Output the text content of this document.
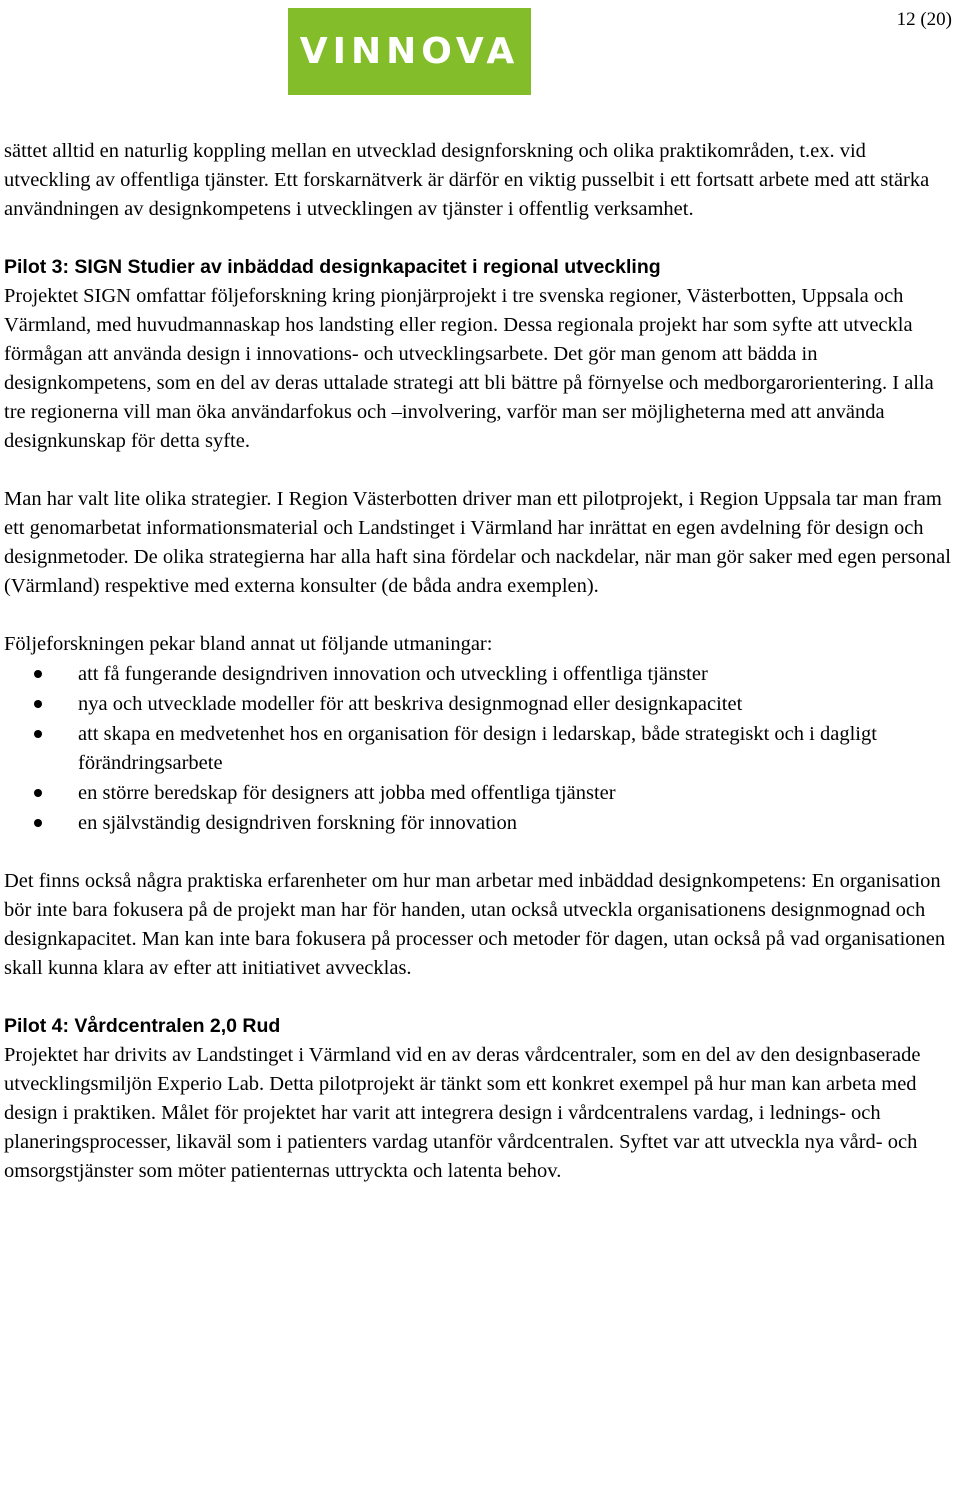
12 (20)
VINNOVA

sättet alltid en naturlig koppling mellan en utvecklad designforskning och olika praktikområden, t.ex. vid utveckling av offentliga tjänster. Ett forskarnätverk är därför en viktig pusselbit i ett fortsatt arbete med att stärka användningen av designkompetens i utvecklingen av tjänster i offentlig verksamhet.

Pilot 3: SIGN Studier av inbäddad designkapacitet i regional utveckling

Projektet SIGN omfattar följeforskning kring pionjärprojekt i tre svenska regioner, Västerbotten, Uppsala och Värmland, med huvudmannaskap hos landsting eller region. Dessa regionala projekt har som syfte att utveckla förmågan att använda design i innovations- och utvecklingsarbete. Det gör man genom att bädda in designkompetens, som en del av deras uttalade strategi att bli bättre på förnyelse och medborgarorientering. I alla tre regionerna vill man öka användarfokus och –involvering, varför man ser möjligheterna med att använda designkunskap för detta syfte.

Man har valt lite olika strategier. I Region Västerbotten driver man ett pilotprojekt, i Region Uppsala tar man fram ett genomarbetat informationsmaterial och Landstinget i Värmland har inrättat en egen avdelning för design och designmetoder. De olika strategierna har alla haft sina fördelar och nackdelar, när man gör saker med egen personal (Värmland) respektive med externa konsulter (de båda andra exemplen).

Följeforskningen pekar bland annat ut följande utmaningar:

att få fungerande designdriven innovation och utveckling i offentliga tjänster
nya och utvecklade modeller för att beskriva designmognad eller designkapacitet
att skapa en medvetenhet hos en organisation för design i ledarskap, både strategiskt och i dagligt förändringsarbete
en större beredskap för designers att jobba med offentliga tjänster
en självständig designdriven forskning för innovation

Det finns också några praktiska erfarenheter om hur man arbetar med inbäddad designkompetens: En organisation bör inte bara fokusera på de projekt man har för handen, utan också utveckla organisationens designmognad och designkapacitet. Man kan inte bara fokusera på processer och metoder för dagen, utan också på vad organisationen skall kunna klara av efter att initiativet avvecklas.

Pilot 4: Vårdcentralen 2,0 Rud

Projektet har drivits av Landstinget i Värmland vid en av deras vårdcentraler, som en del av den designbaserade utvecklingsmiljön Experio Lab. Detta pilotprojekt är tänkt som ett konkret exempel på hur man kan arbeta med design i praktiken. Målet för projektet har varit att integrera design i vårdcentralens vardag, i lednings- och planeringsprocesser, likaväl som i patienters vardag utanför vårdcentralen. Syftet var att utveckla nya vård- och omsorgstjänster som möter patienternas uttryckta och latenta behov.
